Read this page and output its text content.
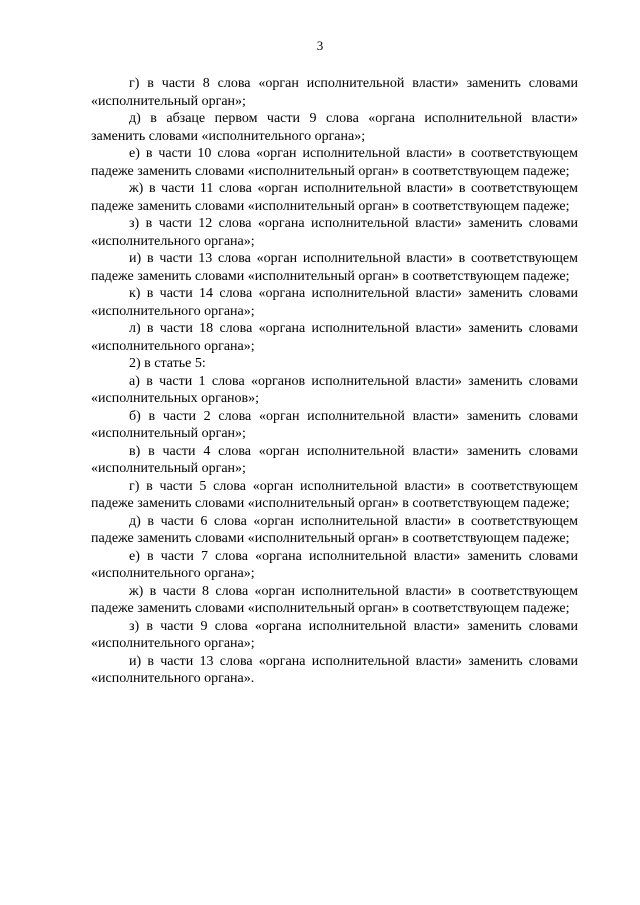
3

г) в части 8 слова «орган исполнительной власти» заменить словами «исполнительный орган»;

д) в абзаце первом части 9 слова «органа исполнительной власти» заменить словами «исполнительного органа»;

е) в части 10 слова «орган исполнительной власти» в соответствующем падеже заменить словами «исполнительный орган» в соответствующем падеже;

ж) в части 11 слова «орган исполнительной власти» в соответствующем падеже заменить словами «исполнительный орган» в соответствующем падеже;

з) в части 12 слова «органа исполнительной власти» заменить словами «исполнительного органа»;

и) в части 13 слова «орган исполнительной власти» в соответствующем падеже заменить словами «исполнительный орган» в соответствующем падеже;

к) в части 14 слова «органа исполнительной власти» заменить словами «исполнительного органа»;

л) в части 18 слова «органа исполнительной власти» заменить словами «исполнительного органа»;

2) в статье 5:

а) в части 1 слова «органов исполнительной власти» заменить словами «исполнительных органов»;

б) в части 2 слова «орган исполнительной власти» заменить словами «исполнительный орган»;

в) в части 4 слова «орган исполнительной власти» заменить словами «исполнительный орган»;

г) в части 5 слова «орган исполнительной власти» в соответствующем падеже заменить словами «исполнительный орган» в соответствующем падеже;

д) в части 6 слова «орган исполнительной власти» в соответствующем падеже заменить словами «исполнительный орган» в соответствующем падеже;

е) в части 7 слова «органа исполнительной власти» заменить словами «исполнительного органа»;

ж) в части 8 слова «орган исполнительной власти» в соответствующем падеже заменить словами «исполнительный орган» в соответствующем падеже;

з) в части 9 слова «органа исполнительной власти» заменить словами «исполнительного органа»;

и) в части 13 слова «органа исполнительной власти» заменить словами «исполнительного органа».
